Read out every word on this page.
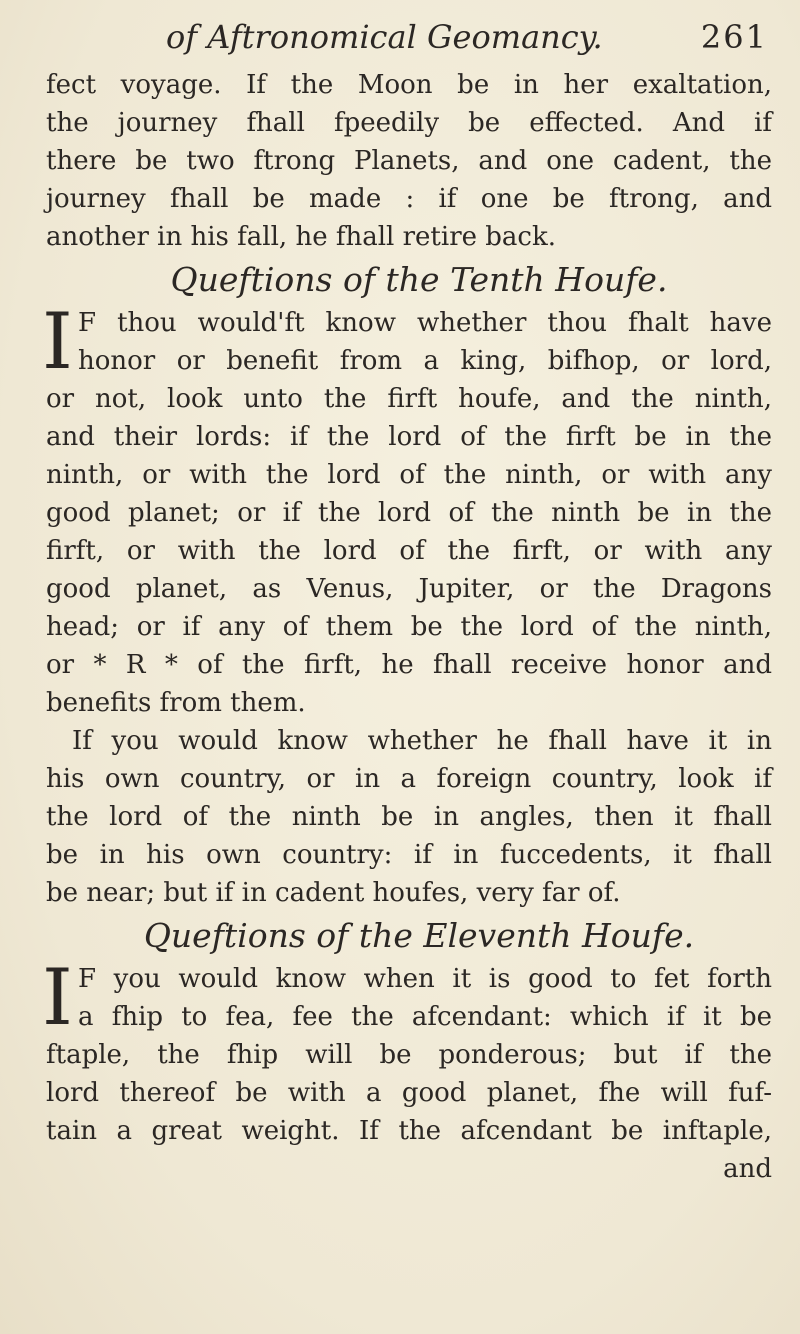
of Aftronomical Geomancy.	261
fect voyage. If the Moon be in her exaltation,
the journey fhall fpeedily be effected. And if
there be two ftrong Planets, and one cadent, the
journey fhall be made : if one be ftrong, and
another in his fall, he fhall retire back.
Queftions of the Tenth Houfe.
I F thou would'ft know whether thou fhalt have
honor or benefit from a king, bifhop, or lord,
or not, look unto the firft houfe, and the ninth,
and their lords: if the lord of the firft be in the
ninth, or with the lord of the ninth, or with any
good planet; or if the lord of the ninth be in the
firft, or with the lord of the firft, or with any
good planet, as Venus, Jupiter, or the Dragons
head; or if any of them be the lord of the ninth,
or * R * of the firft, he fhall receive honor and
benefits from them.
If you would know whether he fhall have it in
his own country, or in a foreign country, look if
the lord of the ninth be in angles, then it fhall
be in his own country: if in fuccedents, it fhall
be near; but if in cadent houfes, very far of.
Queftions of the Eleventh Houfe.
I F you would know when it is good to fet forth
a fhip to fea, fee the afcendant: which if it be
ftaple, the fhip will be ponderous; but if the
lord thereof be with a good planet, fhe will fuf-
tain a great weight. If the afcendant be inftaple,
and
